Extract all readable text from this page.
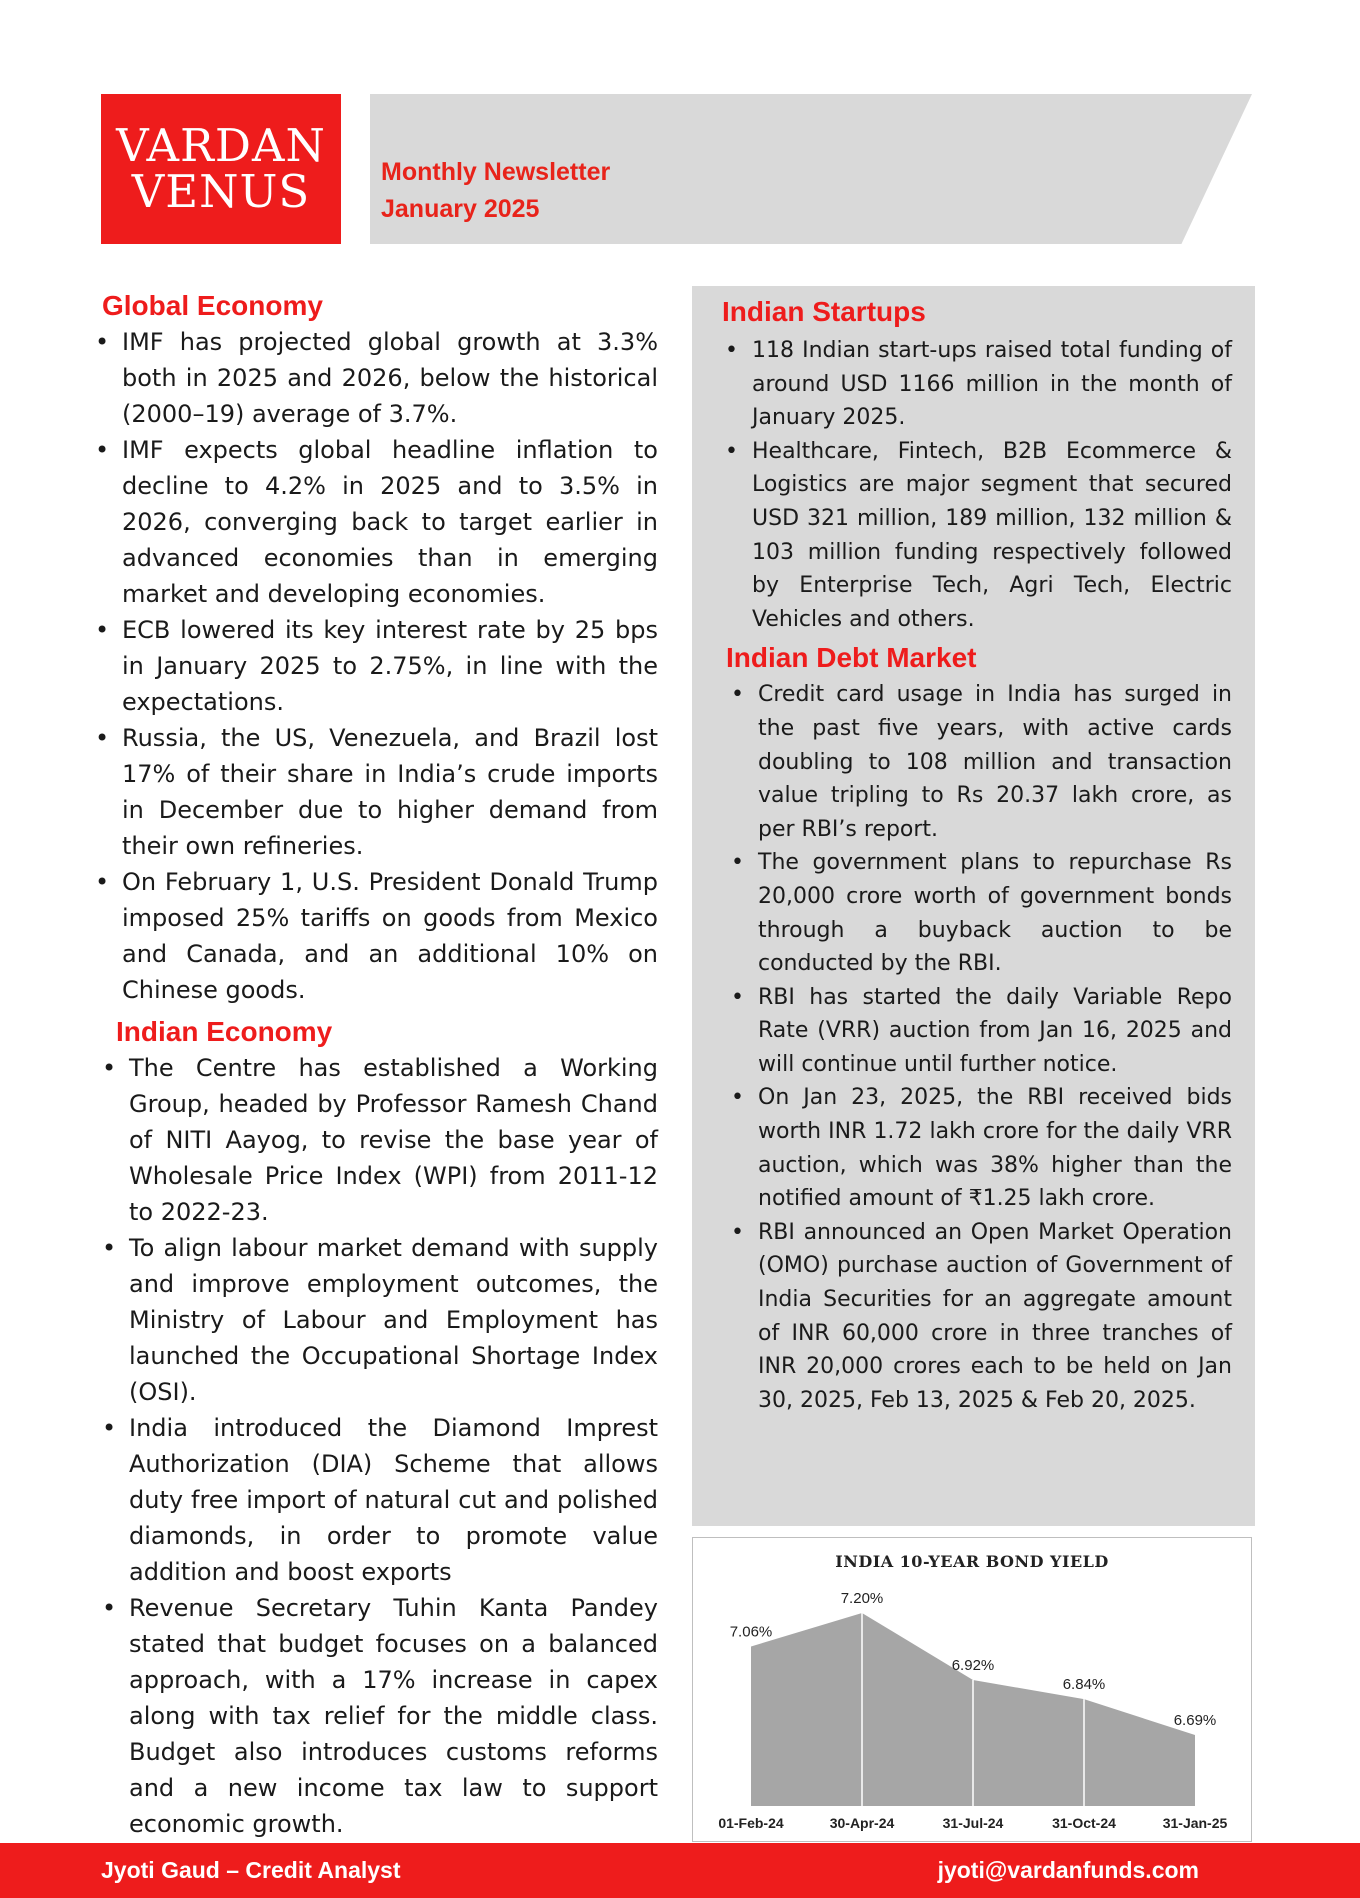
VARDAN
VENUS	Monthly Newsletter
January 2025
Global Economy
• IMF has projected global growth at 3.3% both in 2025 and 2026, below the historical (2000–19) average of 3.7%.
• IMF expects global headline inflation to decline to 4.2% in 2025 and to 3.5% in 2026, converging back to target earlier in advanced economies than in emerging market and developing economies.
• ECB lowered its key interest rate by 25 bps in January 2025 to 2.75%, in line with the expectations.
• Russia, the US, Venezuela, and Brazil lost 17% of their share in India’s crude imports in December due to higher demand from their own refineries.
• On February 1, U.S. President Donald Trump imposed 25% tariffs on goods from Mexico and Canada, and an additional 10% on Chinese goods.
Indian Economy
• The Centre has established a Working Group, headed by Professor Ramesh Chand of NITI Aayog, to revise the base year of Wholesale Price Index (WPI) from 2011-12 to 2022-23.
• To align labour market demand with supply and improve employment outcomes, the Ministry of Labour and Employment has launched the Occupational Shortage Index (OSI).
• India introduced the Diamond Imprest Authorization (DIA) Scheme that allows duty free import of natural cut and polished diamonds, in order to promote value addition and boost exports
• Revenue Secretary Tuhin Kanta Pandey stated that budget focuses on a balanced approach, with a 17% increase in capex along with tax relief for the middle class. Budget also introduces customs reforms and a new income tax law to support economic growth.
Indian Startups
• 118 Indian start-ups raised total funding of around USD 1166 million in the month of January 2025.
• Healthcare, Fintech, B2B Ecommerce & Logistics are major segment that secured USD 321 million, 189 million, 132 million & 103 million funding respectively followed by Enterprise Tech, Agri Tech, Electric Vehicles and others.
Indian Debt Market
• Credit card usage in India has surged in the past five years, with active cards doubling to 108 million and transaction value tripling to Rs 20.37 lakh crore, as per RBI’s report.
• The government plans to repurchase Rs 20,000 crore worth of government bonds through a buyback auction to be conducted by the RBI.
• RBI has started the daily Variable Repo Rate (VRR) auction from Jan 16, 2025 and will continue until further notice.
• On Jan 23, 2025, the RBI received bids worth INR 1.72 lakh crore for the daily VRR auction, which was 38% higher than the notified amount of ₹1.25 lakh crore.
• RBI announced an Open Market Operation (OMO) purchase auction of Government of India Securities for an aggregate amount of INR 60,000 crore in three tranches of INR 20,000 crores each to be held on Jan 30, 2025, Feb 13, 2025 & Feb 20, 2025.
INDIA 10-YEAR BOND YIELD
7.06%
01-Feb-24
7.20%
30-Apr-24
6.92%
31-Jul-24
6.84%
31-Oct-24
6.69%
31-Jan-25
Jyoti Gaud – Credit Analyst	jyoti@vardanfunds.com
